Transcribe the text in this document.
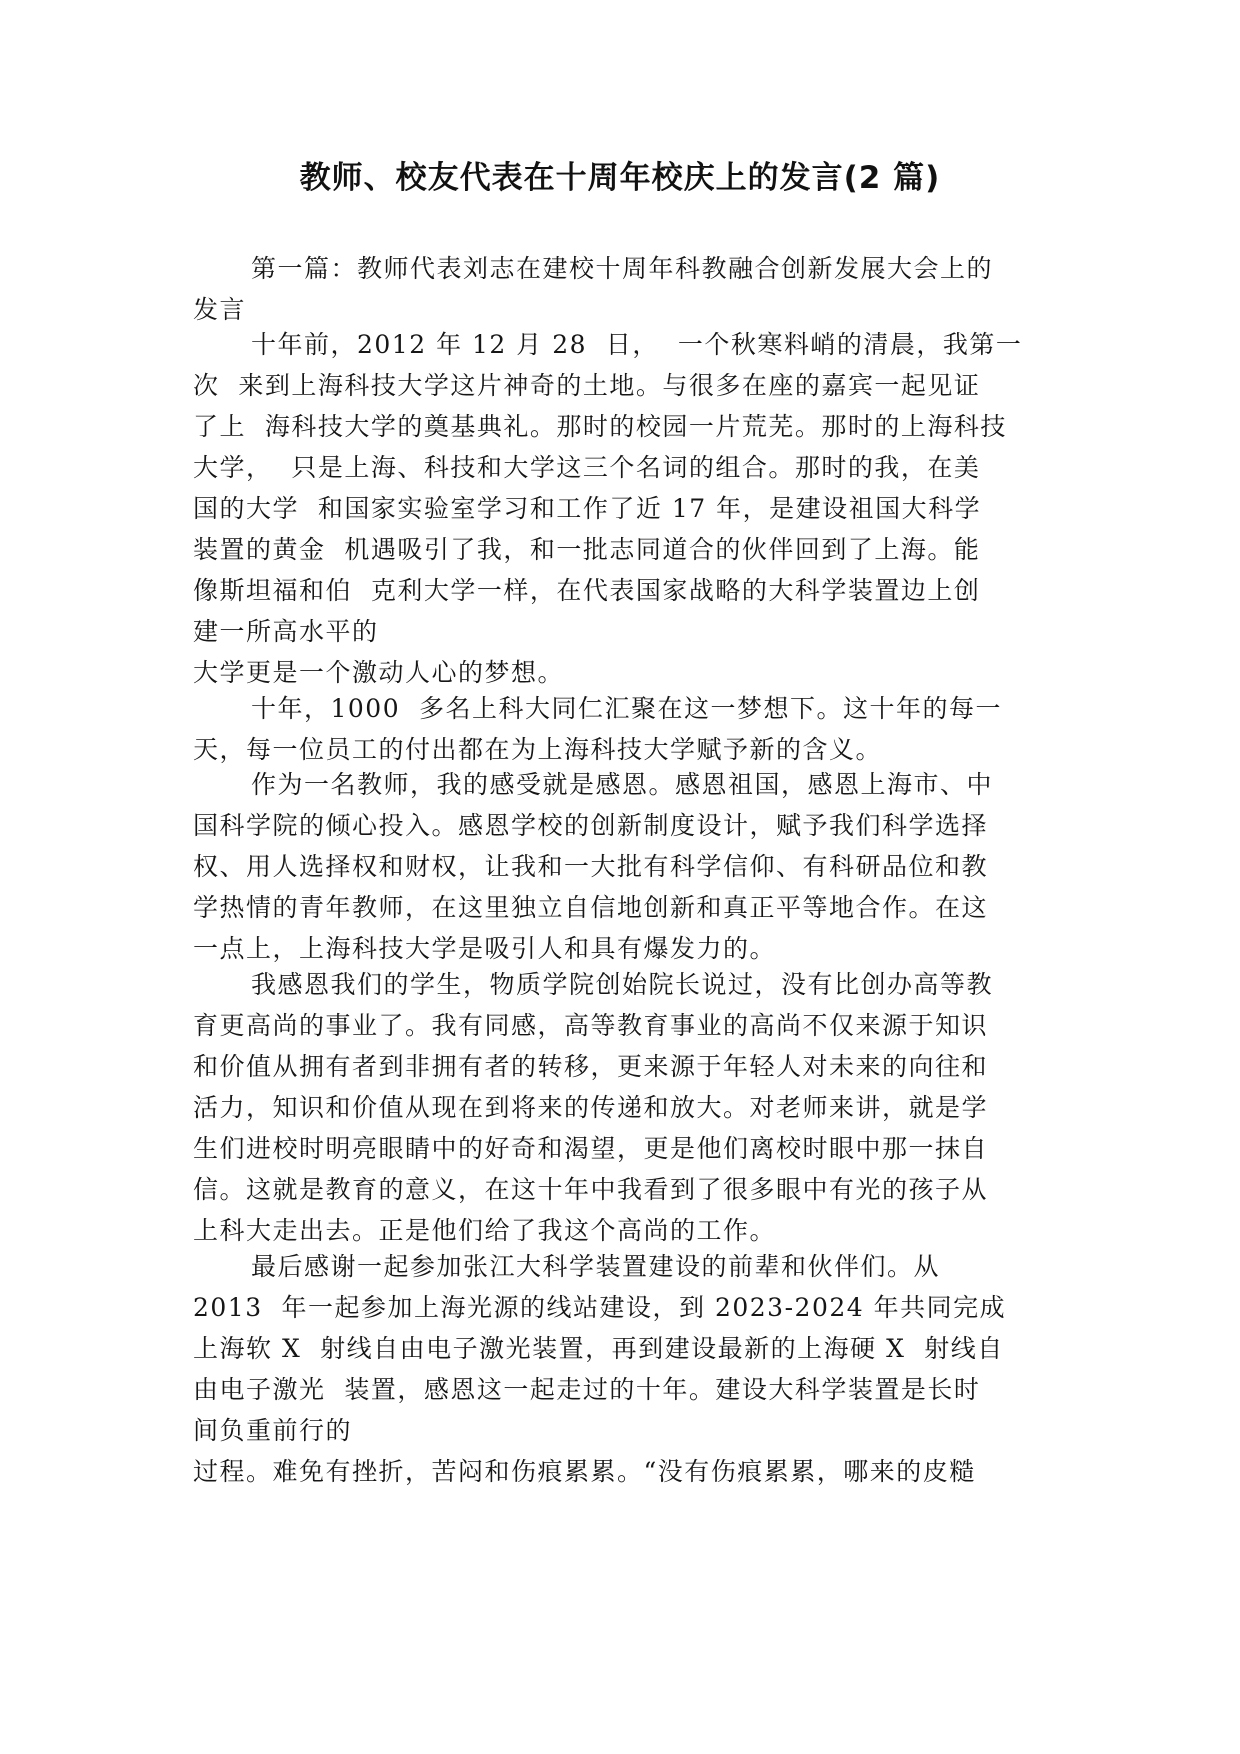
教师、校友代表在十周年校庆上的发言(2 篇)
第一篇：教师代表刘志在建校十周年科教融合创新发展大会上的
发言
十年前，2012 年 12 月 28  日，  一个秋寒料峭的清晨，我第一
次  来到上海科技大学这片神奇的土地。与很多在座的嘉宾一起见证
了上  海科技大学的奠基典礼。那时的校园一片荒芜。那时的上海科技
大学，  只是上海、科技和大学这三个名词的组合。那时的我，在美
国的大学  和国家实验室学习和工作了近 17 年，是建设祖国大科学
装置的黄金  机遇吸引了我，和一批志同道合的伙伴回到了上海。能
像斯坦福和伯  克利大学一样，在代表国家战略的大科学装置边上创
建一所高水平的
大学更是一个激动人心的梦想。
十年，1000  多名上科大同仁汇聚在这一梦想下。这十年的每一
天，每一位员工的付出都在为上海科技大学赋予新的含义。
作为一名教师，我的感受就是感恩。感恩祖国，感恩上海市、中
国科学院的倾心投入。感恩学校的创新制度设计，赋予我们科学选择
权、用人选择权和财权，让我和一大批有科学信仰、有科研品位和教
学热情的青年教师，在这里独立自信地创新和真正平等地合作。在这
一点上，上海科技大学是吸引人和具有爆发力的。
我感恩我们的学生，物质学院创始院长说过，没有比创办高等教
育更高尚的事业了。我有同感，高等教育事业的高尚不仅来源于知识
和价值从拥有者到非拥有者的转移，更来源于年轻人对未来的向往和
活力，知识和价值从现在到将来的传递和放大。对老师来讲，就是学
生们进校时明亮眼睛中的好奇和渴望，更是他们离校时眼中那一抹自
信。这就是教育的意义，在这十年中我看到了很多眼中有光的孩子从
上科大走出去。正是他们给了我这个高尚的工作。
最后感谢一起参加张江大科学装置建设的前辈和伙伴们。从
2013  年一起参加上海光源的线站建设，到 2023-2024 年共同完成
上海软 X  射线自由电子激光装置，再到建设最新的上海硬 X  射线自
由电子激光  装置，感恩这一起走过的十年。建设大科学装置是长时
间负重前行的
过程。难免有挫折，苦闷和伤痕累累。“没有伤痕累累，哪来的皮糙
